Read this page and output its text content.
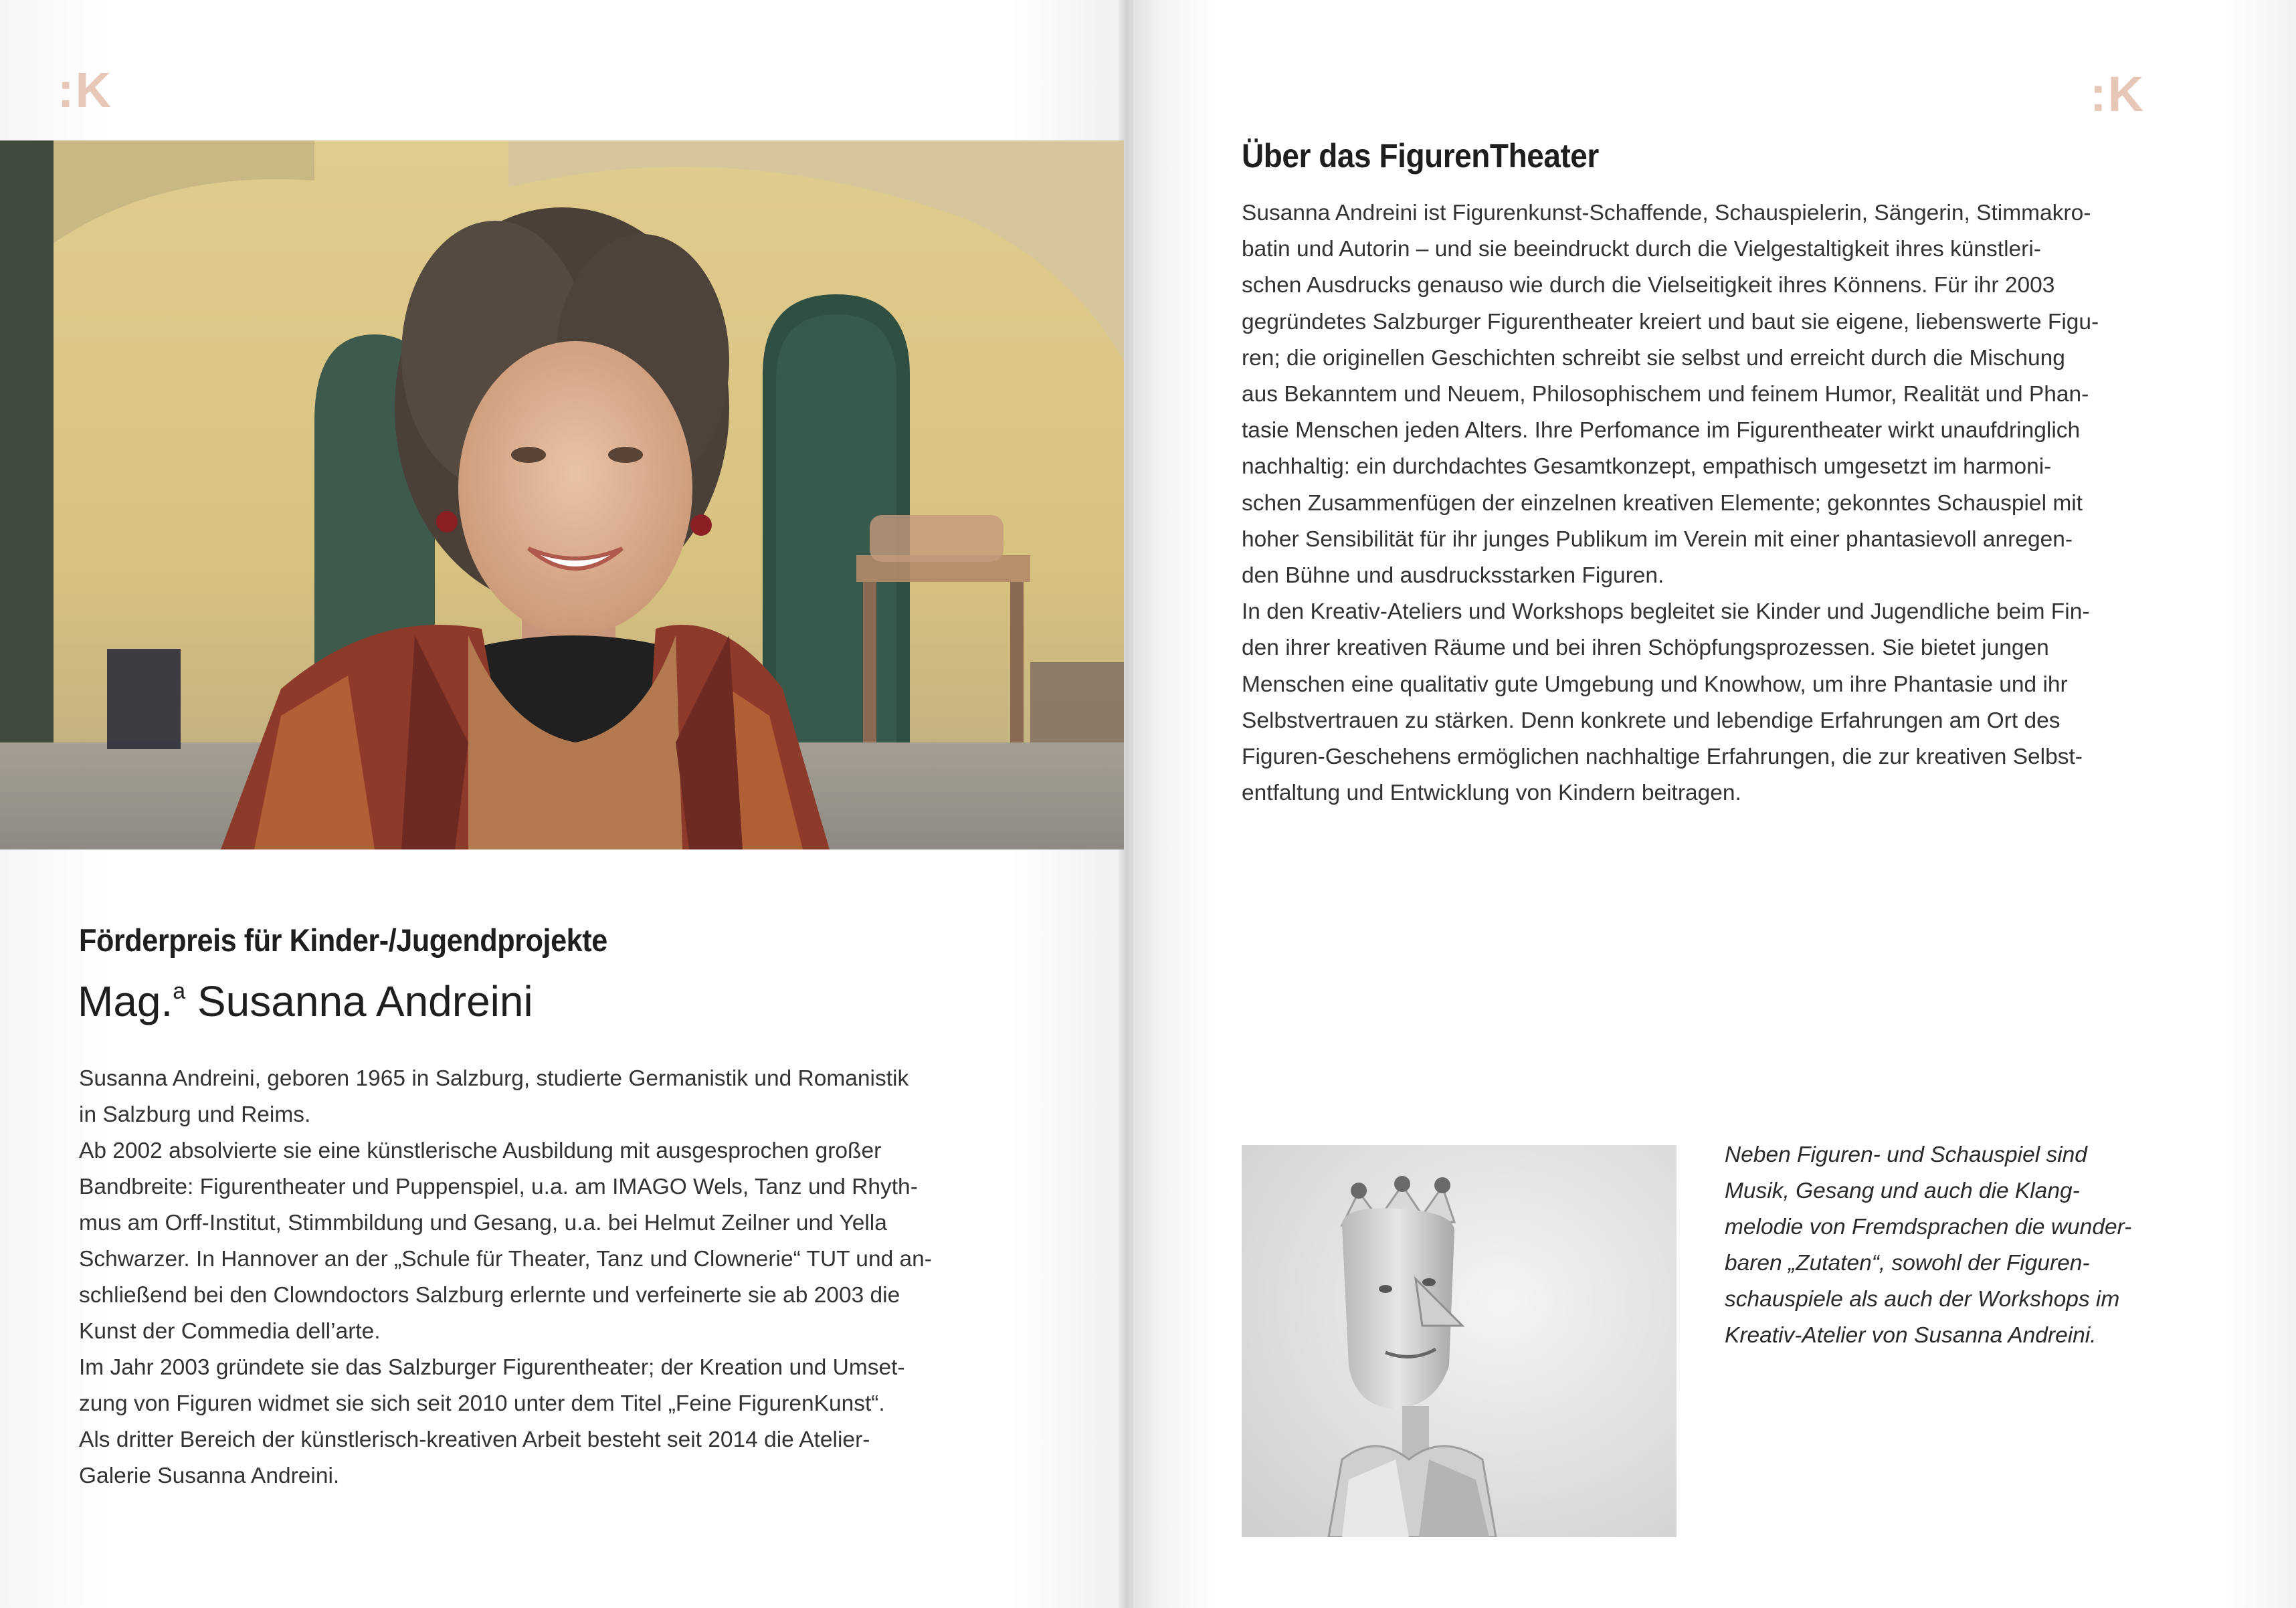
:K	:K
Förderpreis für Kinder-/Jugendprojekte
Mag.$^a$ Susanna Andreini

Susanna Andreini, geboren 1965 in Salzburg, studierte Germanistik und Romanistik

in Salzburg und Reims.

Ab 2002 absolvierte sie eine künstlerische Ausbildung mit ausgesprochen großer

Bandbreite: Figurentheater und Puppenspiel, u.a. am IMAGO Wels, Tanz und Rhyth-

mus am Orff-Institut, Stimmbildung und Gesang, u.a. bei Helmut Zeilner und Yella

Schwarzer. In Hannover an der „Schule für Theater, Tanz und Clownerie“ TUT und an-

schließend bei den Clowndoctors Salzburg erlernte und verfeinerte sie ab 2003 die

Kunst der Commedia dell’arte.

Im Jahr 2003 gründete sie das Salzburger Figurentheater; der Kreation und Umset-

zung von Figuren widmet sie sich seit 2010 unter dem Titel „Feine FigurenKunst“.

Als dritter Bereich der künstlerisch-kreativen Arbeit besteht seit 2014 die Atelier-

Galerie Susanna Andreini.

Über das FigurenTheater

Susanna Andreini ist Figurenkunst-Schaffende, Schauspielerin, Sängerin, Stimmakro-

batin und Autorin – und sie beeindruckt durch die Vielgestaltigkeit ihres künstleri-

schen Ausdrucks genauso wie durch die Vielseitigkeit ihres Könnens. Für ihr 2003

gegründetes Salzburger Figurentheater kreiert und baut sie eigene, liebenswerte Figu-

ren; die originellen Geschichten schreibt sie selbst und erreicht durch die Mischung

aus Bekanntem und Neuem, Philosophischem und feinem Humor, Realität und Phan-

tasie Menschen jeden Alters. Ihre Perfomance im Figurentheater wirkt unaufdringlich

nachhaltig: ein durchdachtes Gesamtkonzept, empathisch umgesetzt im harmoni-

schen Zusammenfügen der einzelnen kreativen Elemente; gekonntes Schauspiel mit

hoher Sensibilität für ihr junges Publikum im Verein mit einer phantasievoll anregen-

den Bühne und ausdrucksstarken Figuren.

In den Kreativ-Ateliers und Workshops begleitet sie Kinder und Jugendliche beim Fin-

den ihrer kreativen Räume und bei ihren Schöpfungsprozessen. Sie bietet jungen

Menschen eine qualitativ gute Umgebung und Knowhow, um ihre Phantasie und ihr

Selbstvertrauen zu stärken. Denn konkrete und lebendige Erfahrungen am Ort des

Figuren-Geschehens ermöglichen nachhaltige Erfahrungen, die zur kreativen Selbst-

entfaltung und Entwicklung von Kindern beitragen.

Neben Figuren- und Schauspiel sind

Musik, Gesang und auch die Klang-

melodie von Fremdsprachen die wunder-

baren „Zutaten“, sowohl der Figuren-

schauspiele als auch der Workshops im

Kreativ-Atelier von Susanna Andreini.
